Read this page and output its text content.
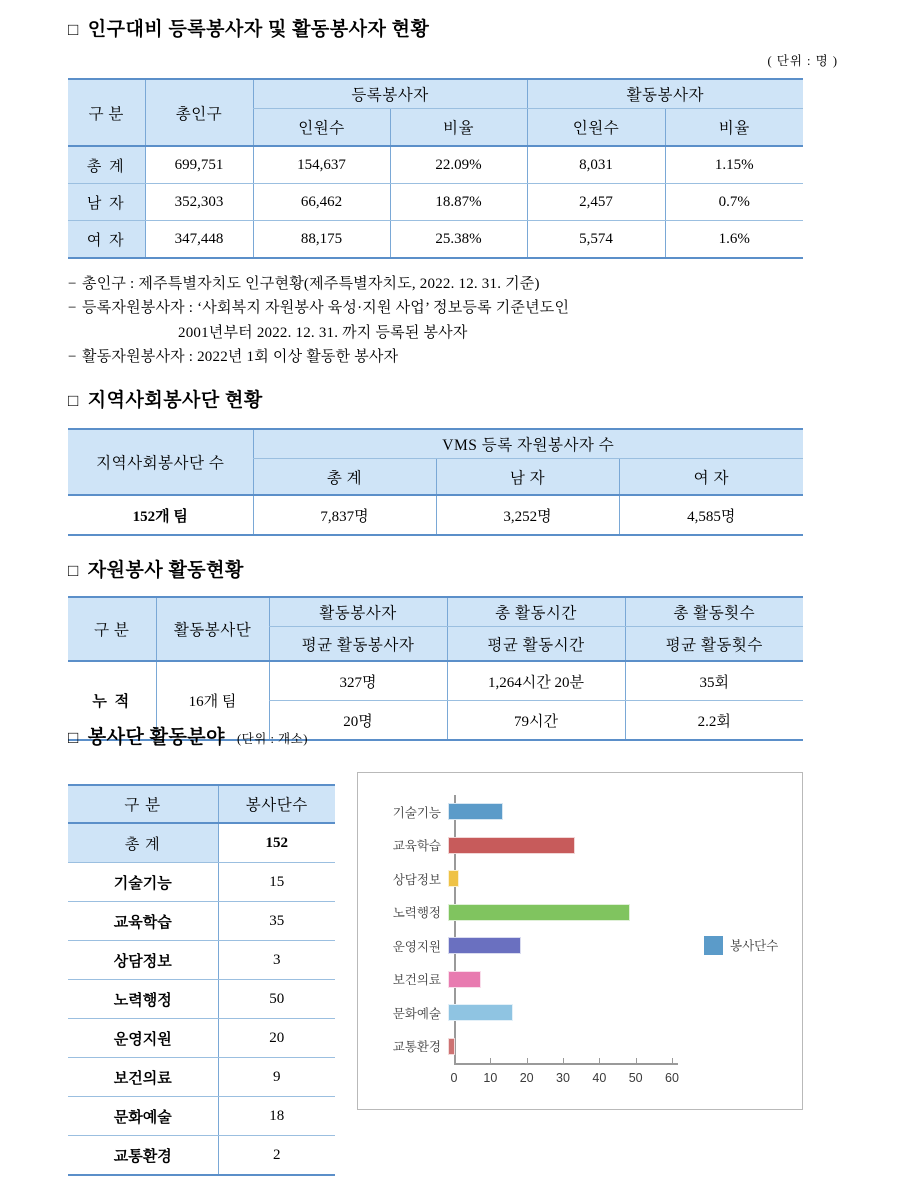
□ 인구대비 등록봉사자 및 활동봉사자 현황
( 단위 : 명 )
구 분	총인구	등록봉사자		활동봉사자	
		인원수	비율	인원수	비율
총 계	699,751	154,637	22.09%	8,031	1.15%
남 자	352,303	66,462	18.87%	2,457	0.7%
여 자	347,448	88,175	25.38%	5,574	1.6%
− 총인구 : 제주특별자치도 인구현황(제주특별자치도, 2022. 12. 31. 기준)
− 등록자원봉사자 : ‘사회복지 자원봉사 육성·지원 사업’ 정보등록 기준년도인
2001년부터 2022. 12. 31. 까지 등록된 봉사자
− 활동자원봉사자 : 2022년 1회 이상 활동한 봉사자
□ 지역사회봉사단 현황
지역사회봉사단 수	VMS 등록 자원봉사자 수		
	총 계	남 자	여 자
152개 팀	7,837명	3,252명	4,585명
□ 자원봉사 활동현황
구 분	활동봉사단	활동봉사자	총 활동시간	총 활동횟수
		평균 활동봉사자	평균 활동시간	평균 활동횟수
누 적	16개 팀	327명	1,264시간 20분	35회
		20명	79시간	2.2회
□ 봉사단 활동분야 (단위 : 개소)
구 분	봉사단수
총 계	152
기술기능	15
교육학습	35
상담정보	3
노력행정	50
운영지원	20
보건의료	9
문화예술	18
교통환경	2
기술기능
교육학습
상담정보
노력행정
운영지원
보건의료
문화예술
교통환경
0 10 20 30 40 50 60
봉사단수
